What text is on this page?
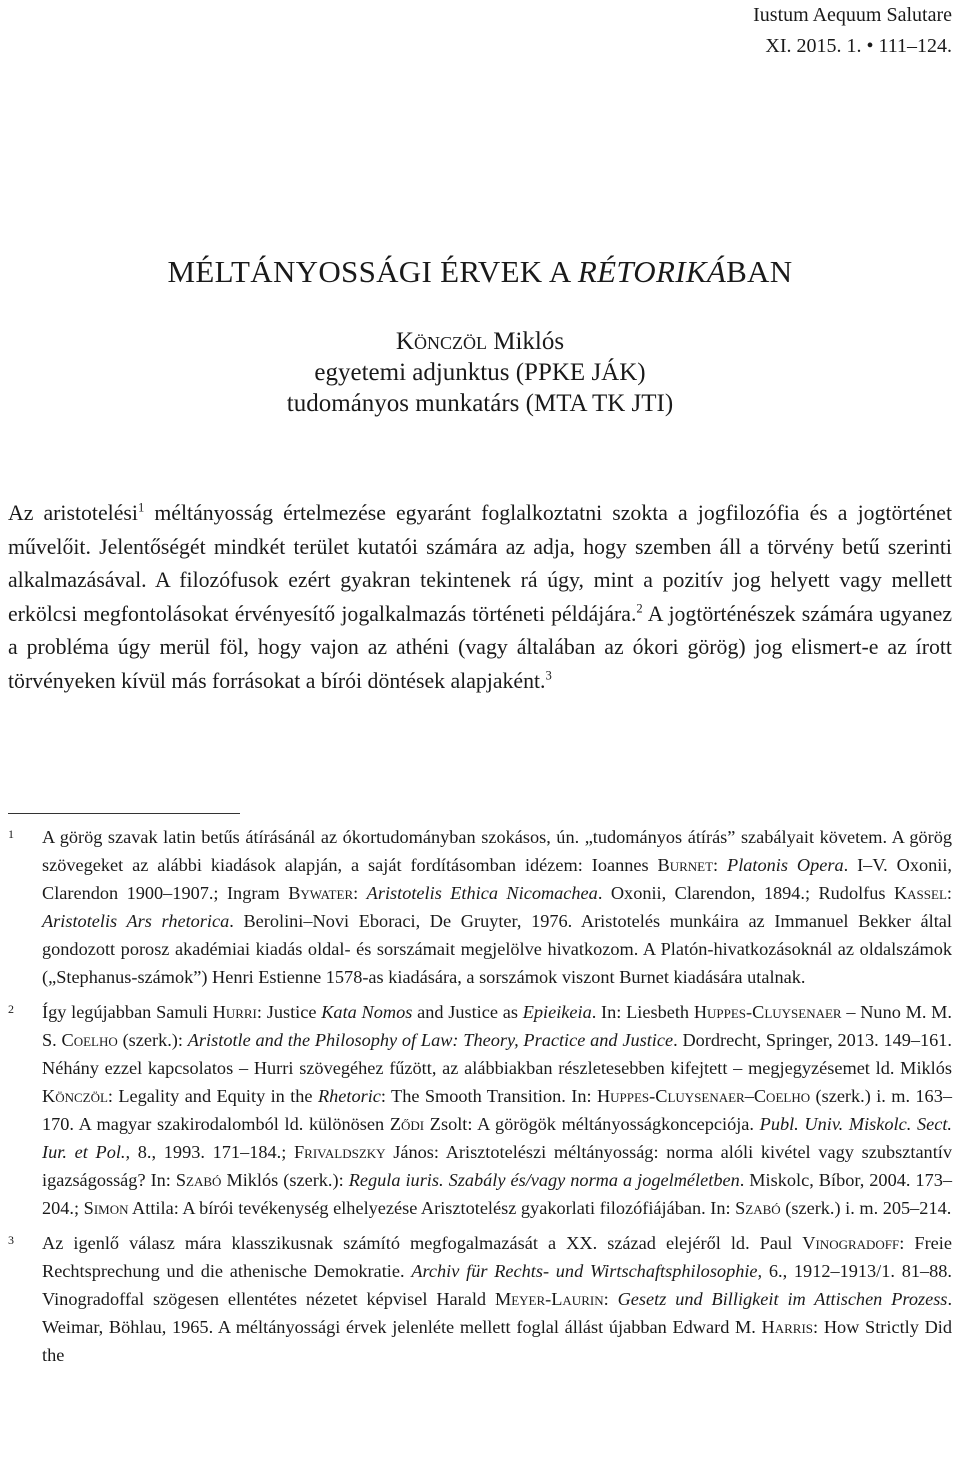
Iustum Aequum Salutare
XI. 2015. 1. • 111–124.
MÉLTÁNYOSSÁGI ÉRVEK A RÉTORIKÁBAN
Könczöl Miklós
egyetemi adjunktus (PPKE JÁK)
tudományos munkatárs (MTA TK JTI)

Az aristotelési$^1$ méltányosság értelmezése egyaránt foglalkoztatni szokta a jogfilozófia és a jogtörténet művelőit. Jelentőségét mindkét terület kutatói számára az adja, hogy szemben áll a törvény betű szerinti alkalmazásával. A filozófusok ezért gyakran tekintenek rá úgy, mint a pozitív jog helyett vagy mellett erkölcsi megfontolásokat érvényesítő jogalkalmazás történeti példájára.$^2$ A jogtörténészek számára ugyanez a probléma úgy merül föl, hogy vajon az athéni (vagy általában az ókori görög) jog elismert-e az írott törvényeken kívül más forrásokat a bírói döntések alapjaként.$^3$

1 A görög szavak latin betűs átírásánál az ókortudományban szokásos, ún. „tudományos átírás” szabályait követem. A görög szövegeket az alábbi kiadások alapján, a saját fordításomban idézem: Ioannes Burnet: Platonis Opera. I–V. Oxonii, Clarendon 1900–1907.; Ingram Bywater: Aristotelis Ethica Nicomachea. Oxonii, Clarendon, 1894.; Rudolfus Kassel: Aristotelis Ars rhetorica. Berolini–Novi Eboraci, De Gruyter, 1976. Aristotelés munkáira az Immanuel Bekker által gondozott porosz akadémiai kiadás oldal- és sorszámait megjelölve hivatkozom. A Platón-hivatkozásoknál az oldalszámok („Stephanus-számok”) Henri Estienne 1578-as kiadására, a sorszámok viszont Burnet kiadására utalnak.

2 Így legújabban Samuli Hurri: Justice Kata Nomos and Justice as Epieikeia. In: Liesbeth Huppes-Cluysenaer – Nuno M. M. S. Coelho (szerk.): Aristotle and the Philosophy of Law: Theory, Practice and Justice. Dordrecht, Springer, 2013. 149–161. Néhány ezzel kapcsolatos – Hurri szövegéhez fűzött, az alábbiakban részletesebben kifejtett – megjegyzésemet ld. Miklós Könczöl: Legality and Equity in the Rhetoric: The Smooth Transition. In: Huppes-Cluysenaer–Coelho (szerk.) i. m. 163–170. A magyar szakirodalomból ld. különösen Ződi Zsolt: A görögök méltányosságkoncepciója. Publ. Univ. Miskolc. Sect. Iur. et Pol., 8., 1993. 171–184.; Frivaldszky János: Arisztotelészi méltányosság: norma alóli kivétel vagy szubsztantív igazságosság? In: Szabó Miklós (szerk.): Regula iuris. Szabály és/vagy norma a jogelméletben. Miskolc, Bíbor, 2004. 173–204.; Simon Attila: A bírói tevékenység elhelyezése Arisztotelész gyakorlati filozófiájában. In: Szabó (szerk.) i. m. 205–214.

3 Az igenlő válasz mára klasszikusnak számító megfogalmazását a XX. század elejéről ld. Paul Vinogradoff: Freie Rechtsprechung und die athenische Demokratie. Archiv für Rechts- und Wirtschaftsphilosophie, 6., 1912–1913/1. 81–88. Vinogradoffal szögesen ellentétes nézetet képvisel Harald Meyer-Laurin: Gesetz und Billigkeit im Attischen Prozess. Weimar, Böhlau, 1965. A méltányossági érvek jelenléte mellett foglal állást újabban Edward M. Harris: How Strictly Did the
